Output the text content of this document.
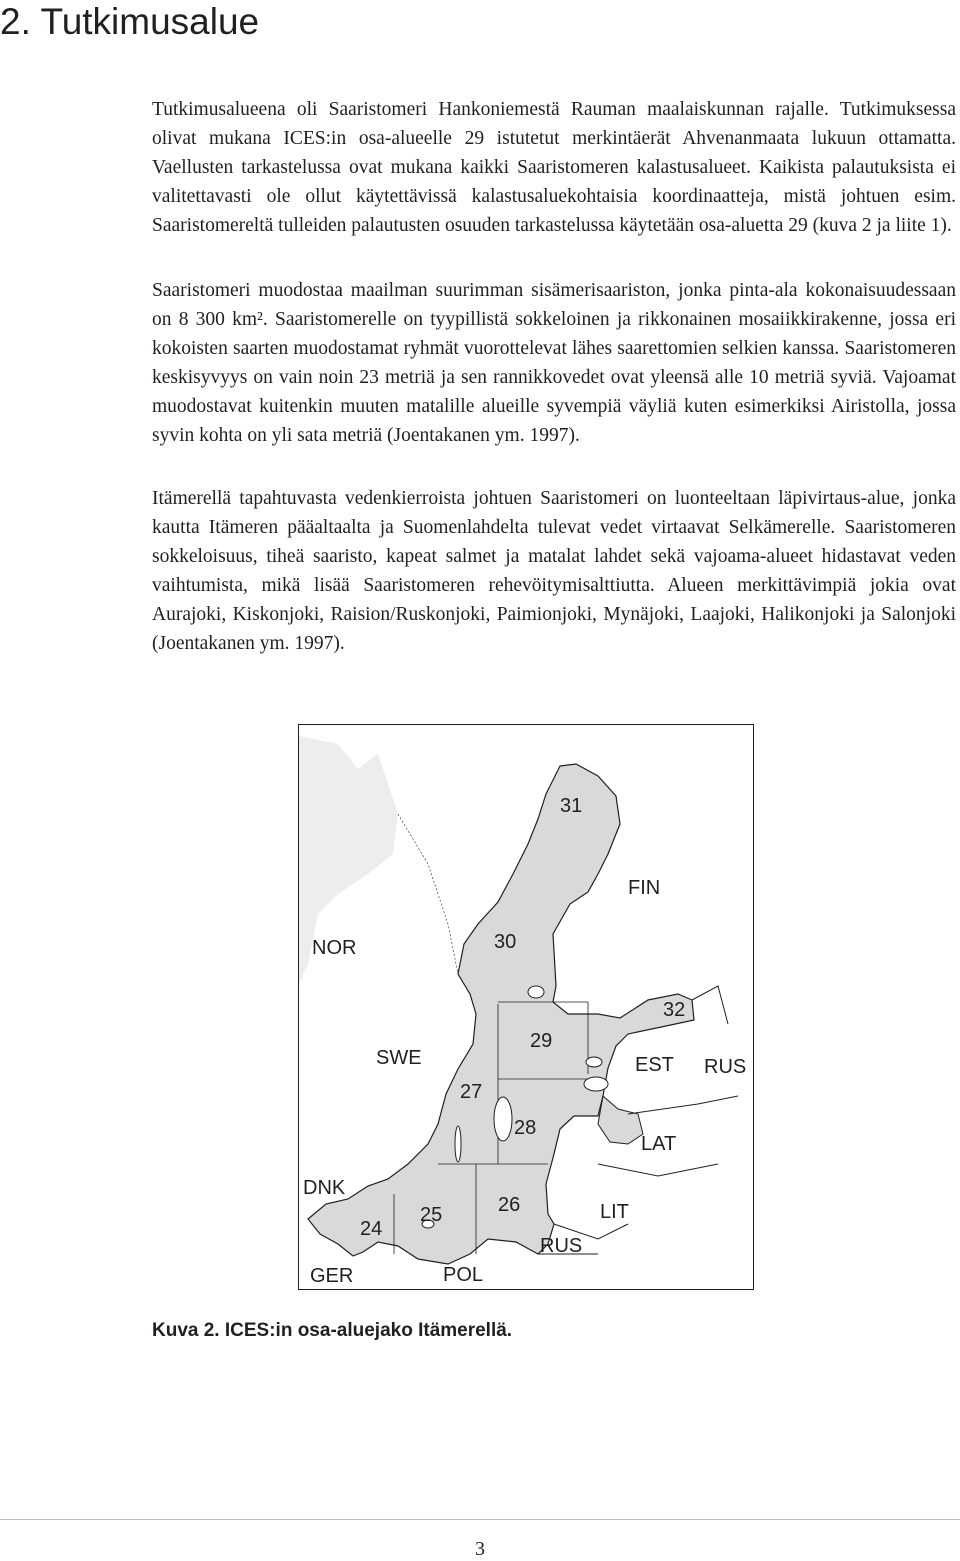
2. Tutkimusalue

Tutkimusalueena oli Saaristomeri Hankoniemestä Rauman maalaiskunnan rajalle. Tutkimuksessa olivat mukana ICES:in osa-alueelle 29 istutetut merkintäerät Ahvenanmaata lukuun ottamatta. Vaellusten tarkastelussa ovat mukana kaikki Saaristomeren kalastusalueet. Kaikista palautuksista ei valitettavasti ole ollut käytettävissä kalastusaluekohtaisia koordinaatteja, mistä johtuen esim. Saaristomereltä tulleiden palautusten osuuden tarkastelussa käytetään osa-aluetta 29 (kuva 2 ja liite 1).

Saaristomeri muodostaa maailman suurimman sisämerisaariston, jonka pinta-ala kokonaisuudessaan on 8 300 km². Saaristomerelle on tyypillistä sokkeloinen ja rikkonainen mosaiikkirakenne, jossa eri kokoisten saarten muodostamat ryhmät vuorottelevat lähes saarettomien selkien kanssa. Saaristomeren keskisyvyys on vain noin 23 metriä ja sen rannikkovedet ovat yleensä alle 10 metriä syviä. Vajoamat muodostavat kuitenkin muuten matalille alueille syvempiä väyliä kuten esimerkiksi Airistolla, jossa syvin kohta on yli sata metriä (Joentakanen ym. 1997).

Itämerellä tapahtuvasta vedenkierroista johtuen Saaristomeri on luonteeltaan läpivirtaus-alue, jonka kautta Itämeren pääaltaalta ja Suomenlahdelta tulevat vedet virtaavat Selkämerelle. Saaristomeren sokkeloisuus, tiheä saaristo, kapeat salmet ja matalat lahdet sekä vajoama-alueet hidastavat veden vaihtumista, mikä lisää Saaristomeren rehevöitymisalttiutta. Alueen merkittävimpiä jokia ovat Aurajoki, Kiskonjoki, Raision/Ruskonjoki, Paimionjoki, Mynäjoki, Laajoki, Halikonjoki ja Salonjoki (Joentakanen ym. 1997).

31
30
32
29
27
28
24
25	26
FIN
NOR
SWE	EST RUS
LAT
DNK
LIT
RUS
GER	POL

Kuva 2. ICES:in osa-aluejako Itämerellä.

3
